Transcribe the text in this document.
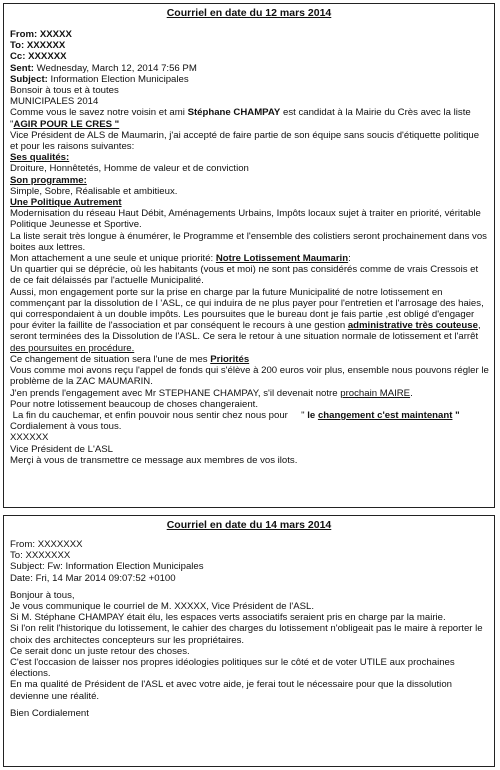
Courriel en date du 12 mars 2014
From: XXXXX
To: XXXXXX
Cc: XXXXXX
Sent: Wednesday, March 12, 2014 7:56 PM
Subject: Information Election Municipales
Bonsoir à tous et à toutes
MUNICIPALES 2014
Comme vous le savez notre voisin et ami Stéphane CHAMPAY est candidat à la Mairie du Crès avec la liste "AGIR POUR LE CRES "
Vice Président de ALS de Maumarin, j'ai accepté de faire partie de son équipe sans soucis d'étiquette politique et pour les raisons suivantes:
Ses qualités:
Droiture, Honnêtetés, Homme de valeur et de conviction
Son programme:
Simple, Sobre, Réalisable et ambitieux.
Une Politique Autrement
Modernisation du réseau Haut Débit, Aménagements Urbains, Impôts locaux sujet à traiter en priorité, véritable Politique Jeunesse et Sportive.
La liste serait très longue à énumérer, le Programme et l'ensemble des colistiers seront prochainement dans vos boites aux lettres.
Mon attachement a une seule et unique priorité: Notre Lotissement Maumarin:
Un quartier qui se déprécie, où les habitants (vous et moi) ne sont pas considérés comme de vrais Cressois et de ce fait délaissés par l'actuelle Municipalité.
Aussi, mon engagement porte sur la prise en charge par la future Municipalité de notre lotissement en commençant par la dissolution de l 'ASL, ce qui induira de ne plus payer pour l'entretien et l'arrosage des haies, qui correspondaient à un double impôts. Les poursuites que le bureau dont je fais partie ,est obligé d'engager pour éviter la faillite de l'association et par conséquent le recours à une gestion administrative très couteuse, seront terminées des la Dissolution de l'ASL. Ce sera le retour à une situation normale de lotissement et l'arrêt des poursuites en procédure.
Ce changement de situation sera l'une de mes Priorités
Vous comme moi avons reçu l'appel de fonds qui s'élève à 200 euros voir plus, ensemble nous pouvons régler le problème de la ZAC MAUMARIN.
J'en prends l'engagement avec Mr STEPHANE CHAMPAY, s'il devenait notre prochain MAIRE.
Pour notre lotissement beaucoup de choses changeraient.
La fin du cauchemar, et enfin pouvoir nous sentir chez nous pour     " le changement c'est maintenant "
Cordialement à vous tous.
XXXXXX
Vice Président de L'ASL
Merçi à vous de transmettre ce message aux membres de vos ilots.
Courriel en date du 14 mars 2014
From: XXXXXXX
To: XXXXXXX
Subject: Fw: Information Election Municipales
Date: Fri, 14 Mar 2014 09:07:52 +0100
Bonjour à tous,
Je vous communique le courriel de M. XXXXX, Vice Président de l'ASL.
Si M. Stéphane CHAMPAY était élu, les espaces verts associatifs seraient pris en charge par la mairie.
Si l'on relit l'historique du lotissement, le cahier des charges du lotissement n'obligeait pas le maire à reporter le choix des architectes concepteurs sur les propriétaires.
Ce serait donc un juste retour des choses.
C'est l'occasion de laisser nos propres idéologies politiques sur le côté et de voter UTILE aux prochaines élections.
En ma qualité de Président de l'ASL et avec votre aide, je ferai tout le nécessaire pour que la dissolution devienne une réalité.
Bien Cordialement
